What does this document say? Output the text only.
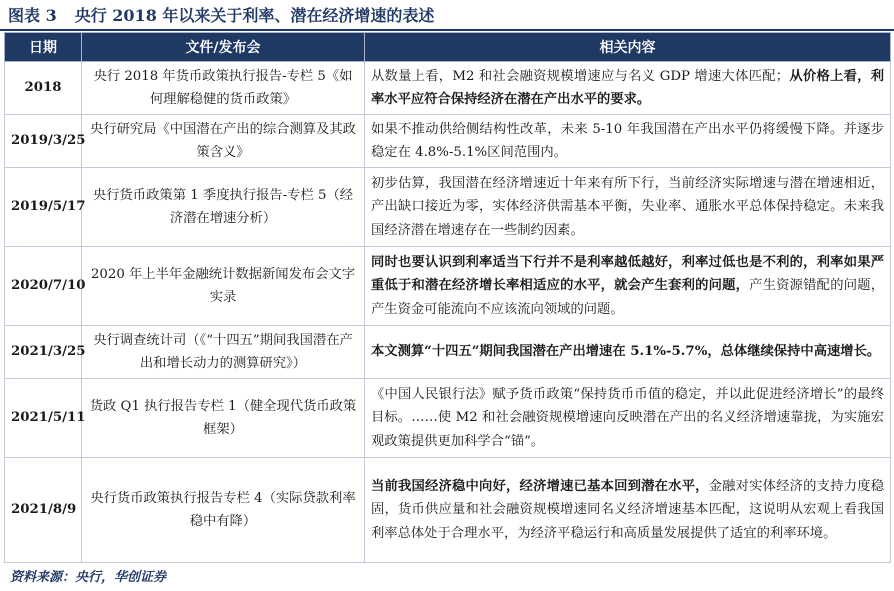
图表 3 央行 2018 年以来关于利率、潜在经济增速的表述
日期	文件/发布会	相关内容
2018	央行 2018 年货币政策执行报告-专栏 5《如何理解稳健的货币政策》	从数量上看，M2 和社会融资规模增速应与名义 GDP 增速大体匹配；从价格上看，利率水平应符合保持经济在潜在产出水平的要求。
2019/3/25	央行研究局《中国潜在产出的综合测算及其政策含义》	如果不推动供给侧结构性改革，未来 5-10 年我国潜在产出水平仍将缓慢下降。并逐步稳定在 4.8%-5.1%区间范围内。
2019/5/17	央行货币政策第 1 季度执行报告-专栏 5（经济潜在增速分析）	初步估算，我国潜在经济增速近十年来有所下行，当前经济实际增速与潜在增速相近，产出缺口接近为零，实体经济供需基本平衡，失业率、通胀水平总体保持稳定。未来我国经济潜在增速存在一些制约因素。
2020/7/10	2020 年上半年金融统计数据新闻发布会文字实录	同时也要认识到利率适当下行并不是利率越低越好，利率过低也是不利的，利率如果严重低于和潜在经济增长率相适应的水平，就会产生套利的问题，产生资源错配的问题，产生资金可能流向不应该流向领域的问题。
2021/3/25	央行调查统计司（《“十四五”期间我国潜在产出和增长动力的测算研究》）	本文测算“十四五”期间我国潜在产出增速在 5.1%-5.7%，总体继续保持中高速增长。
2021/5/11	货政 Q1 执行报告专栏 1（健全现代货币政策框架）	《中国人民银行法》赋予货币政策“保持货币币值的稳定，并以此促进经济增长”的最终目标。……使 M2 和社会融资规模增速向反映潜在产出的名义经济增速靠拢，为实施宏观政策提供更加科学合“锚”。
2021/8/9	央行货币政策执行报告专栏 4（实际贷款利率稳中有降）	当前我国经济稳中向好，经济增速已基本回到潜在水平，金融对实体经济的支持力度稳固，货币供应量和社会融资规模增速同名义经济增速基本匹配，这说明从宏观上看我国利率总体处于合理水平，为经济平稳运行和高质量发展提供了适宜的利率环境。
资料来源：央行，华创证券
